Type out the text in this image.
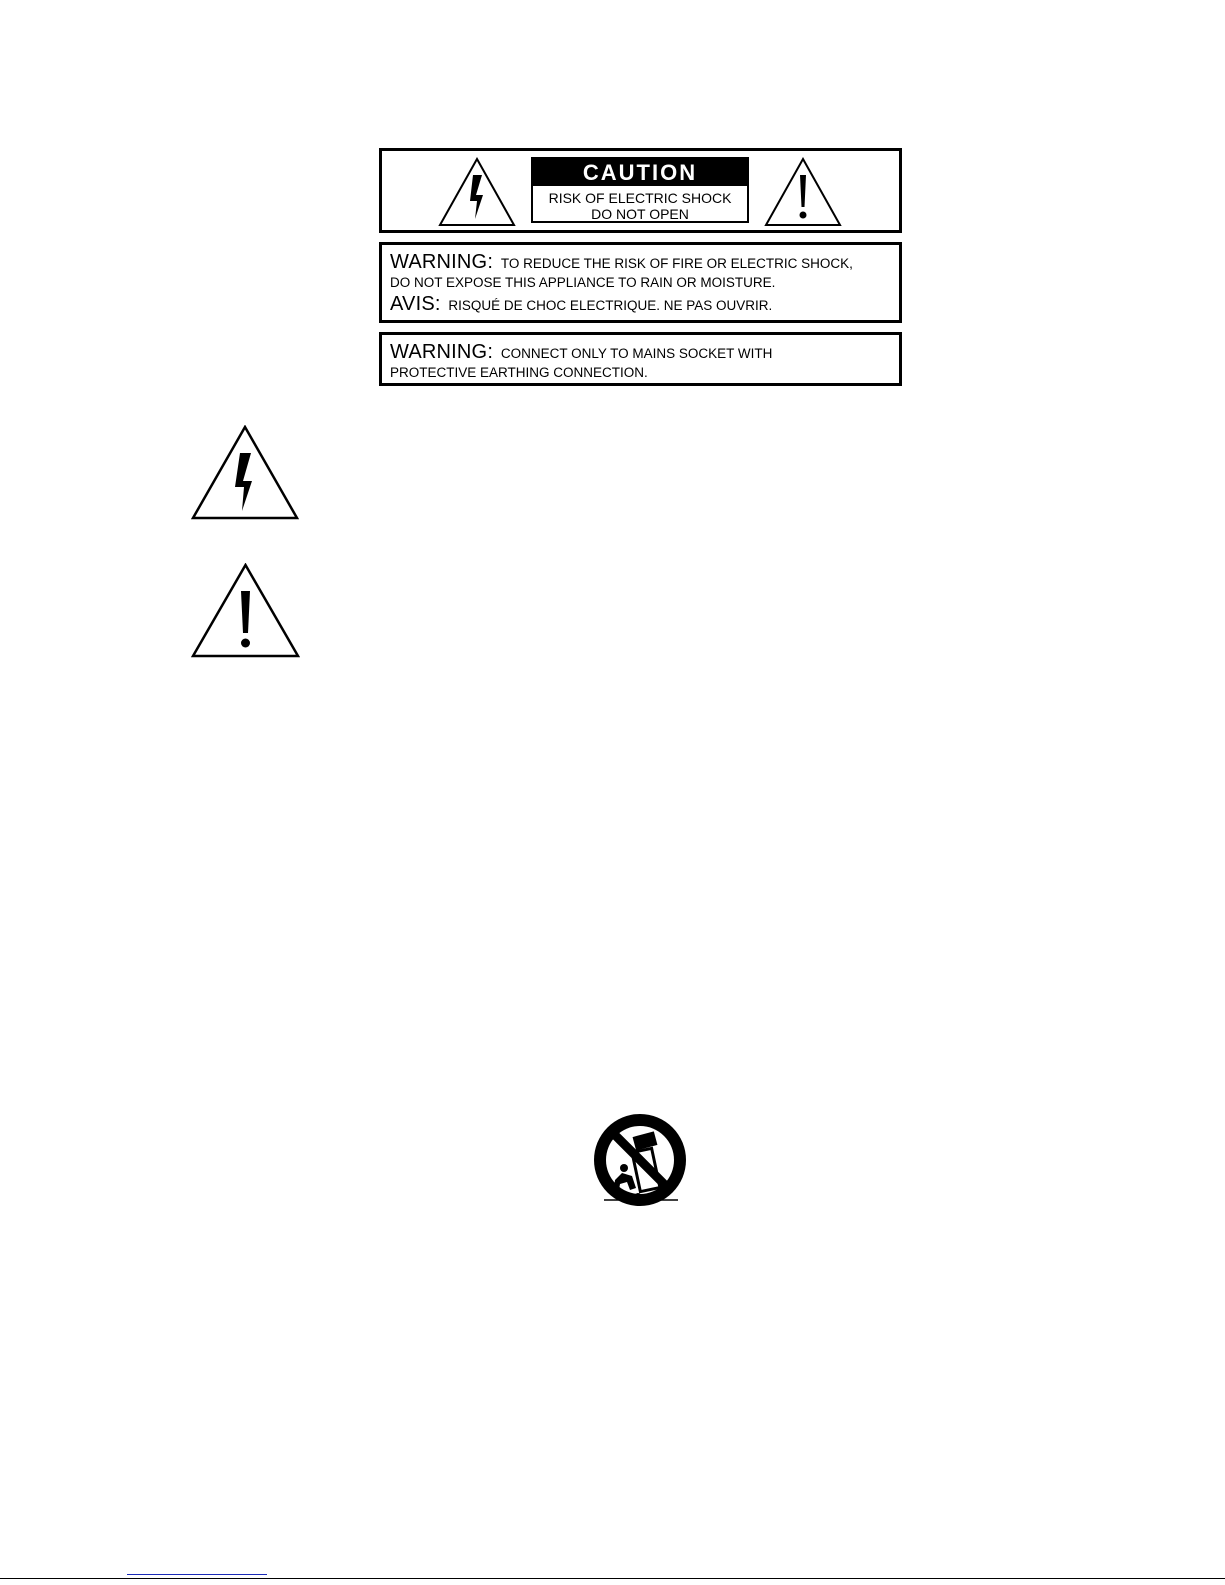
CAUTION
RISK OF ELECTRIC SHOCK
DO NOT OPEN
WARNING: TO REDUCE THE RISK OF FIRE OR ELECTRIC SHOCK,
DO NOT EXPOSE THIS APPLIANCE TO RAIN OR MOISTURE.
AVIS: RISQUÉ DE CHOC ELECTRIQUE. NE PAS OUVRIR.
WARNING: CONNECT ONLY TO MAINS SOCKET WITH
PROTECTIVE EARTHING CONNECTION.
